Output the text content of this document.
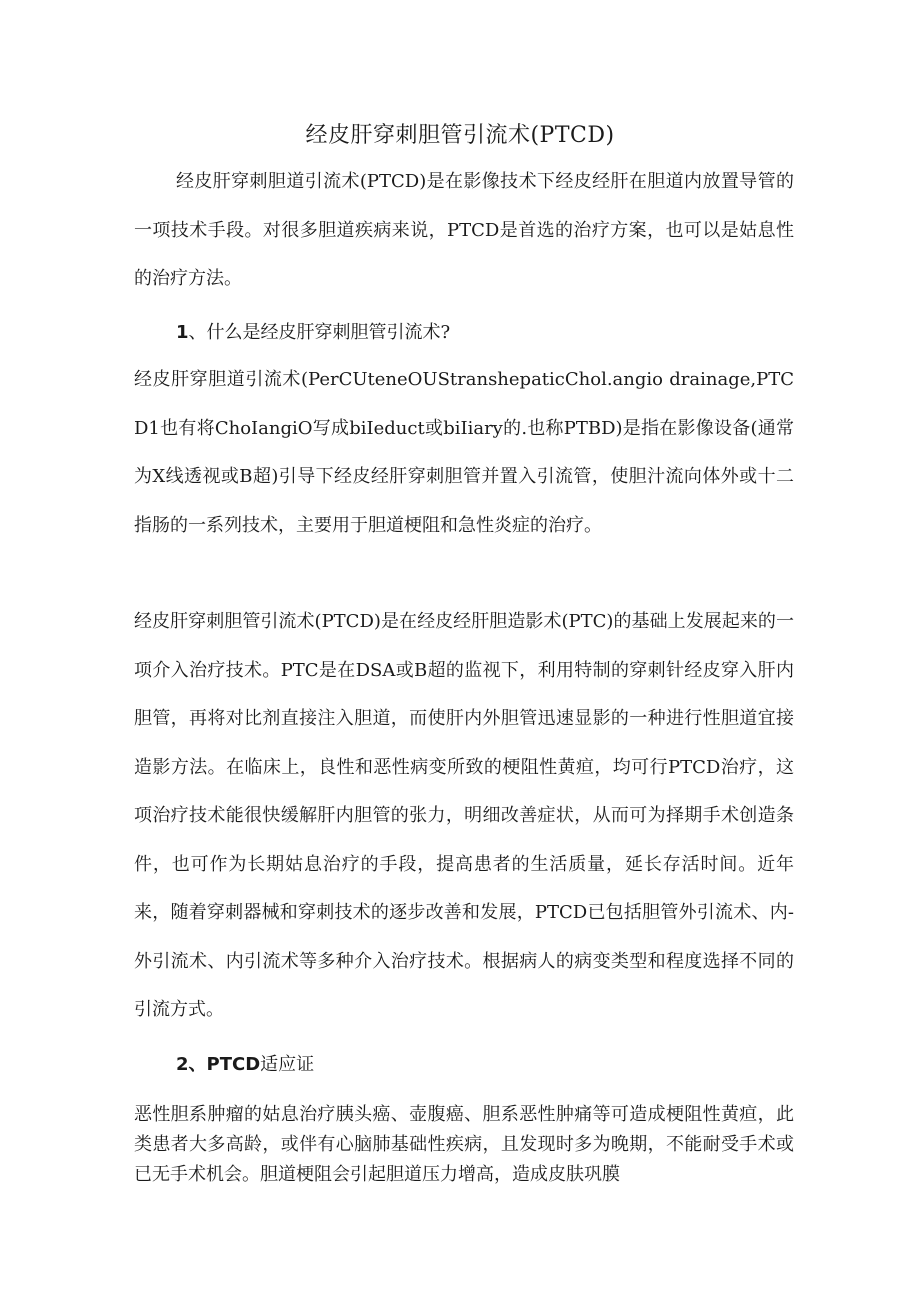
经皮肝穿刺胆管引流术(PTCD)

经皮肝穿刺胆道引流术(PTCD)是在影像技术下经皮经肝在胆道内放置导管的一项技术手段。对很多胆道疾病来说，PTCD是首选的治疗方案，也可以是姑息性的治疗方法。

1、什么是经皮肝穿刺胆管引流术?

经皮肝穿胆道引流术(PerCUteneOUStranshepaticChol.angio drainage,PTCD1也有将ChoIangiO写成biIeduct或biIiary的.也称PTBD)是指在影像设备(通常为X线透视或B超)引导下经皮经肝穿刺胆管并置入引流管，使胆汁流向体外或十二指肠的一系列技术，主要用于胆道梗阻和急性炎症的治疗。

经皮肝穿刺胆管引流术(PTCD)是在经皮经肝胆造影术(PTC)的基础上发展起来的一项介入治疗技术。PTC是在DSA或B超的监视下，利用特制的穿刺针经皮穿入肝内胆管，再将对比剂直接注入胆道，而使肝内外胆管迅速显影的一种进行性胆道宜接造影方法。在临床上，良性和恶性病变所致的梗阻性黄疸，均可行PTCD治疗，这项治疗技术能很快缓解肝内胆管的张力，明细改善症状，从而可为择期手术创造条件，也可作为长期姑息治疗的手段，提高患者的生活质量，延长存活时间。近年来，随着穿刺器械和穿刺技术的逐步改善和发展，PTCD已包括胆管外引流术、内-外引流术、内引流术等多种介入治疗技术。根据病人的病变类型和程度选择不同的引流方式。

2、PTCD适应证

恶性胆系肿瘤的姑息治疗胰头癌、壶腹癌、胆系恶性肿痛等可造成梗阻性黄疸，此类患者大多高龄，或伴有心脑肺基础性疾病，且发现时多为晚期，不能耐受手术或已无手术机会。胆道梗阻会引起胆道压力增高，造成皮肤巩膜
